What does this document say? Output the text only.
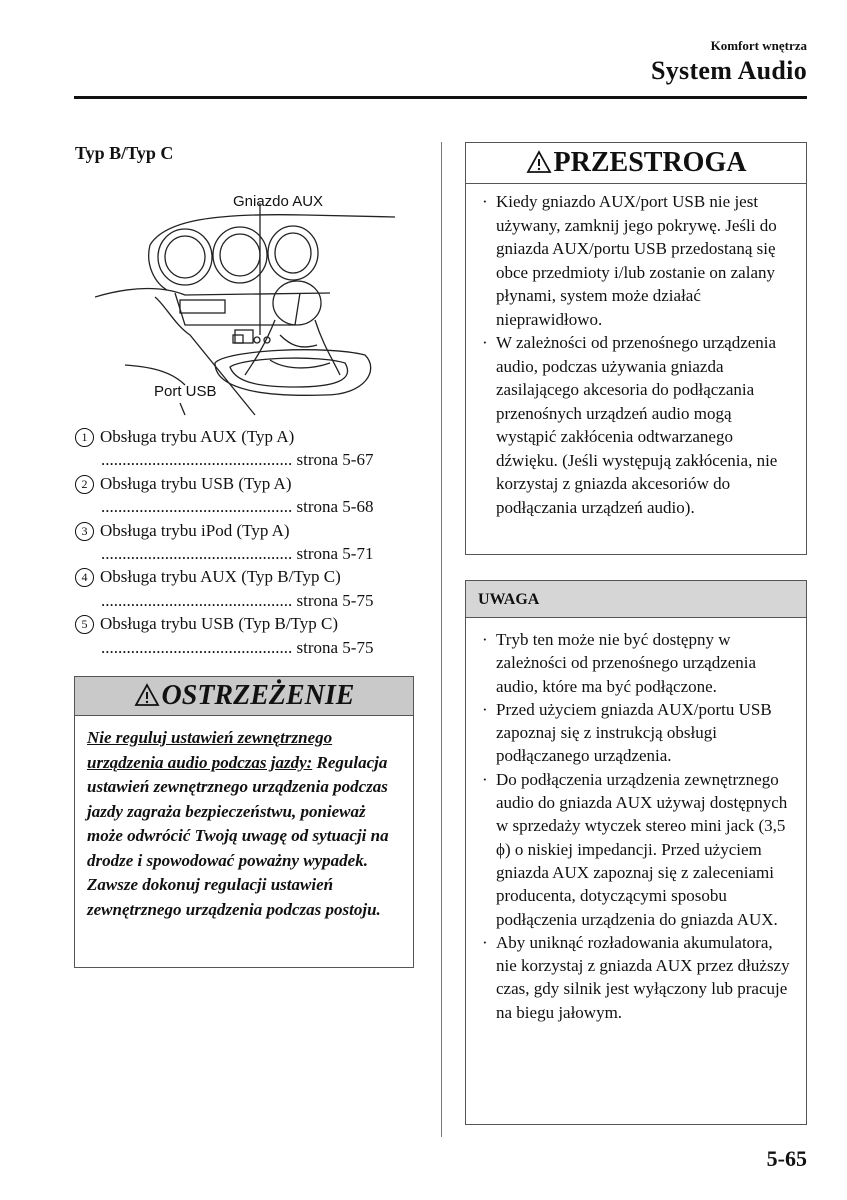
Komfort wnętrza
System Audio
Typ B/Typ C
Gniazdo AUX
Port USB
1 Obsługa trybu AUX (Typ A)
............................................. strona 5-67
2 Obsługa trybu USB (Typ A)
............................................. strona 5-68
3 Obsługa trybu iPod (Typ A)
............................................. strona 5-71
4 Obsługa trybu AUX (Typ B/Typ C)
............................................. strona 5-75
5 Obsługa trybu USB (Typ B/Typ C)
............................................. strona 5-75
OSTRZEŻENIE
Nie reguluj ustawień zewnętrznego urządzenia audio podczas jazdy: Regulacja ustawień zewnętrznego urządzenia podczas jazdy zagraża bezpieczeństwu, ponieważ może odwrócić Twoją uwagę od sytuacji na drodze i spowodować poważny wypadek. Zawsze dokonuj regulacji ustawień zewnętrznego urządzenia podczas postoju.
PRZESTROGA
· Kiedy gniazdo AUX/port USB nie jest używany, zamknij jego pokrywę. Jeśli do gniazda AUX/portu USB przedostaną się obce przedmioty i/lub zostanie on zalany płynami, system może działać nieprawidłowo.
· W zależności od przenośnego urządzenia audio, podczas używania gniazda zasilającego akcesoria do podłączania przenośnych urządzeń audio mogą wystąpić zakłócenia odtwarzanego dźwięku. (Jeśli występują zakłócenia, nie korzystaj z gniazda akcesoriów do podłączania urządzeń audio).
UWAGA
· Tryb ten może nie być dostępny w zależności od przenośnego urządzenia audio, które ma być podłączone.
· Przed użyciem gniazda AUX/portu USB zapoznaj się z instrukcją obsługi podłączanego urządzenia.
· Do podłączenia urządzenia zewnętrznego audio do gniazda AUX używaj dostępnych w sprzedaży wtyczek stereo mini jack (3,5 ϕ) o niskiej impedancji. Przed użyciem gniazda AUX zapoznaj się z zaleceniami producenta, dotyczącymi sposobu podłączenia urządzenia do gniazda AUX.
· Aby uniknąć rozładowania akumulatora, nie korzystaj z gniazda AUX przez dłuższy czas, gdy silnik jest wyłączony lub pracuje na biegu jałowym.
5-65
